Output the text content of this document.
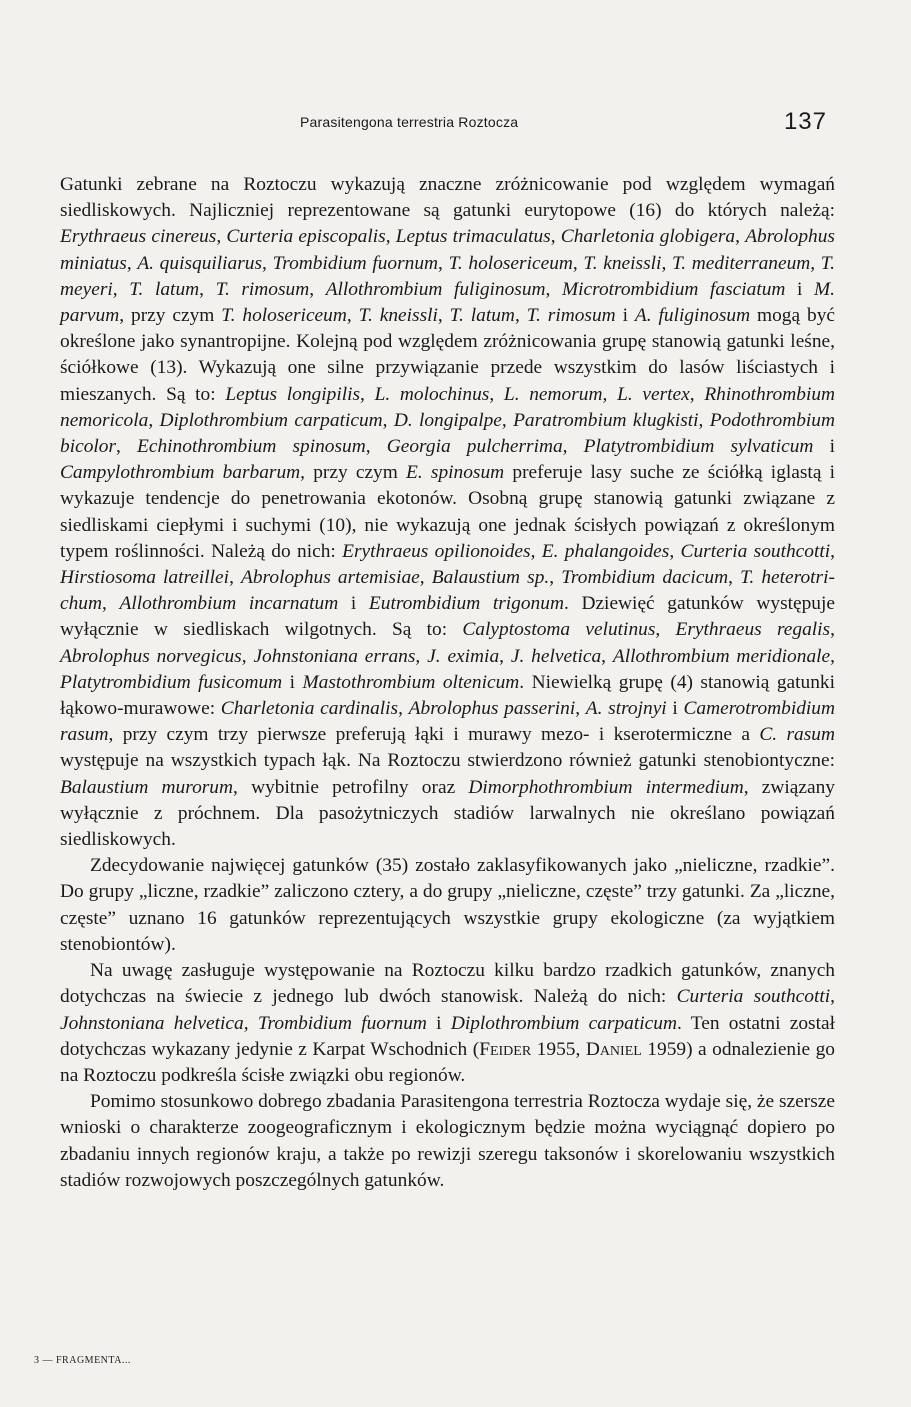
Parasitengona terrestria Roztocza	137

Gatunki zebrane na Roztoczu wykazują znaczne zróżnicowanie pod względem wymagań siedliskowych. Najliczniej reprezentowane są gatunki eurytopowe (16) do których należą: Erythraeus cinereus, Curteria episcopalis, Leptus trimaculatus, Charletonia globigera, Abrolophus miniatus, A. quisquiliarus, Trombidium fuornum, T. holosericeum, T. kneissli, T. mediterraneum, T. meyeri, T. latum, T. rimosum, Allothrombium fuliginosum, Microtrombidium fasciatum i M. parvum, przy czym T. holosericeum, T. kneissli, T. latum, T. rimosum i A. fuliginosum mogą być określone jako synantropijne. Kolejną pod względem zróżnicowania grupę stanowią gatunki leśne, ściółkowe (13). Wykazują one silne przywiązanie przede wszystkim do lasów liściastych i mieszanych. Są to: Leptus longipilis, L. molochinus, L. nemorum, L. vertex, Rhinothrombium nemoricola, Diplothrombium carpaticum, D. longipalpe, Paratrombium klugkisti, Podothrombium bicolor, Echinothrombium spinosum, Georgia pulcherrima, Platytrombidium sylvaticum i Campylothrombium barbarum, przy czym E. spinosum preferuje lasy suche ze ściółką iglastą i wykazuje tendencje do penetrowania ekotonów. Osobną grupę stanowią gatunki związane z siedliskami ciepłymi i suchymi (10), nie wykazują one jednak ścisłych powiązań z określonym typem roślinności. Należą do nich: Erythraeus opilionoides, E. phalangoides, Curteria southcotti, Hirstiosoma latreillei, Abrolophus artemisiae, Balaustium sp., Trombidium dacicum, T. heterotrichum, Allothrombium incarnatum i Eutrombidium trigonum. Dziewięć gatunków występuje wyłącznie w siedliskach wilgotnych. Są to: Calyptostoma velutinus, Erythraeus regalis, Abrolophus norvegicus, Johnstoniana errans, J. eximia, J. helvetica, Allothrombium meridionale, Platytrombidium fusicomum i Mastothrombium oltenicum. Niewielką grupę (4) stanowią gatunki łąkowo-murawowe: Charletonia cardinalis, Abrolophus passerini, A. strojnyi i Camerotrombidium rasum, przy czym trzy pierwsze preferują łąki i murawy mezo- i kserotermiczne a C. rasum występuje na wszystkich typach łąk. Na Roztoczu stwierdzono również gatunki stenobiontyczne: Balaustium murorum, wybitnie petrofilny oraz Dimorphothrombium intermedium, związany wyłącznie z próchnem. Dla pasożytniczych stadiów larwalnych nie określano powiązań siedliskowych.

Zdecydowanie najwięcej gatunków (35) zostało zaklasyfikowanych jako „nieliczne, rzadkie”. Do grupy „liczne, rzadkie” zaliczono cztery, a do grupy „nieliczne, częste” trzy gatunki. Za „liczne, częste” uznano 16 gatunków reprezentujących wszystkie grupy ekologiczne (za wyjątkiem stenobiontów).

Na uwagę zasługuje występowanie na Roztoczu kilku bardzo rzadkich gatunków, znanych dotychczas na świecie z jednego lub dwóch stanowisk. Należą do nich: Curteria southcotti, Johnstoniana helvetica, Trombidium fuornum i Diplothrombium carpaticum. Ten ostatni został dotychczas wykazany jedynie z Karpat Wschodnich (Feider 1955, Daniel 1959) a odnalezienie go na Roztoczu podkreśla ścisłe związki obu regionów.

Pomimo stosunkowo dobrego zbadania Parasitengona terrestria Roztocza wydaje się, że szersze wnioski o charakterze zoogeograficznym i ekologicznym będzie można wyciągnąć dopiero po zbadaniu innych regionów kraju, a także po rewizji szeregu taksonów i skorelowaniu wszystkich stadiów rozwojowych poszczególnych gatunków.

3 — FRAGMENTA...
